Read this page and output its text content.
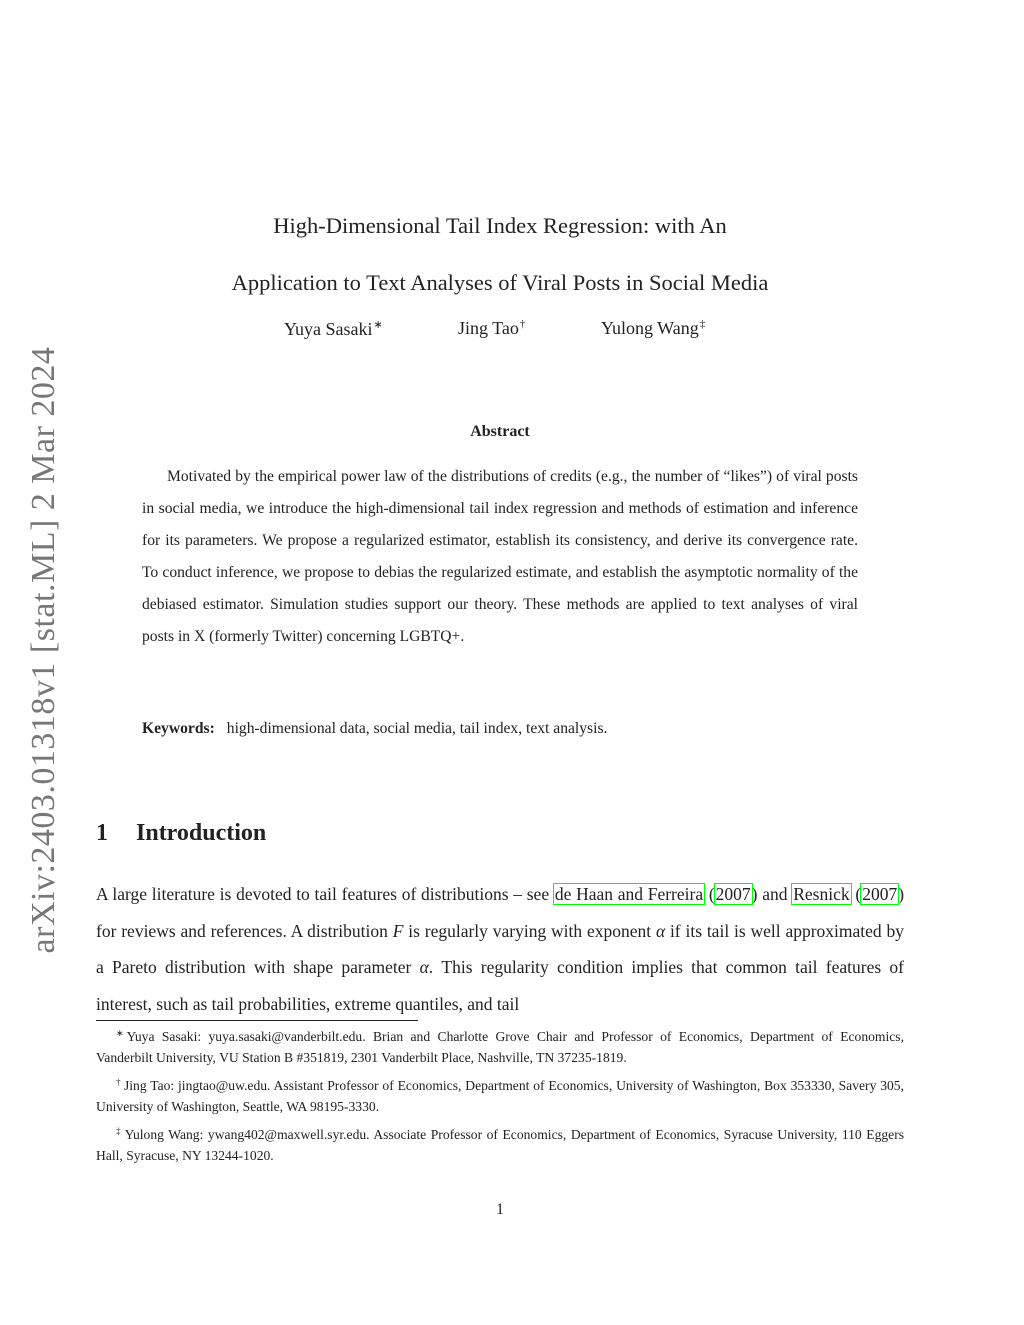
arXiv:2403.01318v1 [stat.ML] 2 Mar 2024
High-Dimensional Tail Index Regression: with An
Application to Text Analyses of Viral Posts in Social Media
Yuya Sasaki∗	Jing Tao†	Yulong Wang‡
Abstract
Motivated by the empirical power law of the distributions of credits (e.g., the number of “likes”) of viral posts in social media, we introduce the high-dimensional tail index regression and methods of estimation and inference for its parameters. We propose a regularized estimator, establish its consistency, and derive its convergence rate. To conduct inference, we propose to debias the regularized estimate, and establish the asymptotic normality of the debiased estimator. Simulation studies support our theory. These methods are applied to text analyses of viral posts in X (formerly Twitter) concerning LGBTQ+.
Keywords: high-dimensional data, social media, tail index, text analysis.
1 Introduction
A large literature is devoted to tail features of distributions – see de Haan and Ferreira (2007) and Resnick (2007) for reviews and references. A distribution F is regularly varying with exponent α if its tail is well approximated by a Pareto distribution with shape parameter α. This regularity condition implies that common tail features of interest, such as tail probabilities, extreme quantiles, and tail
∗ Yuya Sasaki: yuya.sasaki@vanderbilt.edu. Brian and Charlotte Grove Chair and Professor of Economics, Department of Economics, Vanderbilt University, VU Station B #351819, 2301 Vanderbilt Place, Nashville, TN 37235-1819.
† Jing Tao: jingtao@uw.edu. Assistant Professor of Economics, Department of Economics, University of Washington, Box 353330, Savery 305, University of Washington, Seattle, WA 98195-3330.
‡ Yulong Wang: ywang402@maxwell.syr.edu. Associate Professor of Economics, Department of Economics, Syracuse University, 110 Eggers Hall, Syracuse, NY 13244-1020.
1
